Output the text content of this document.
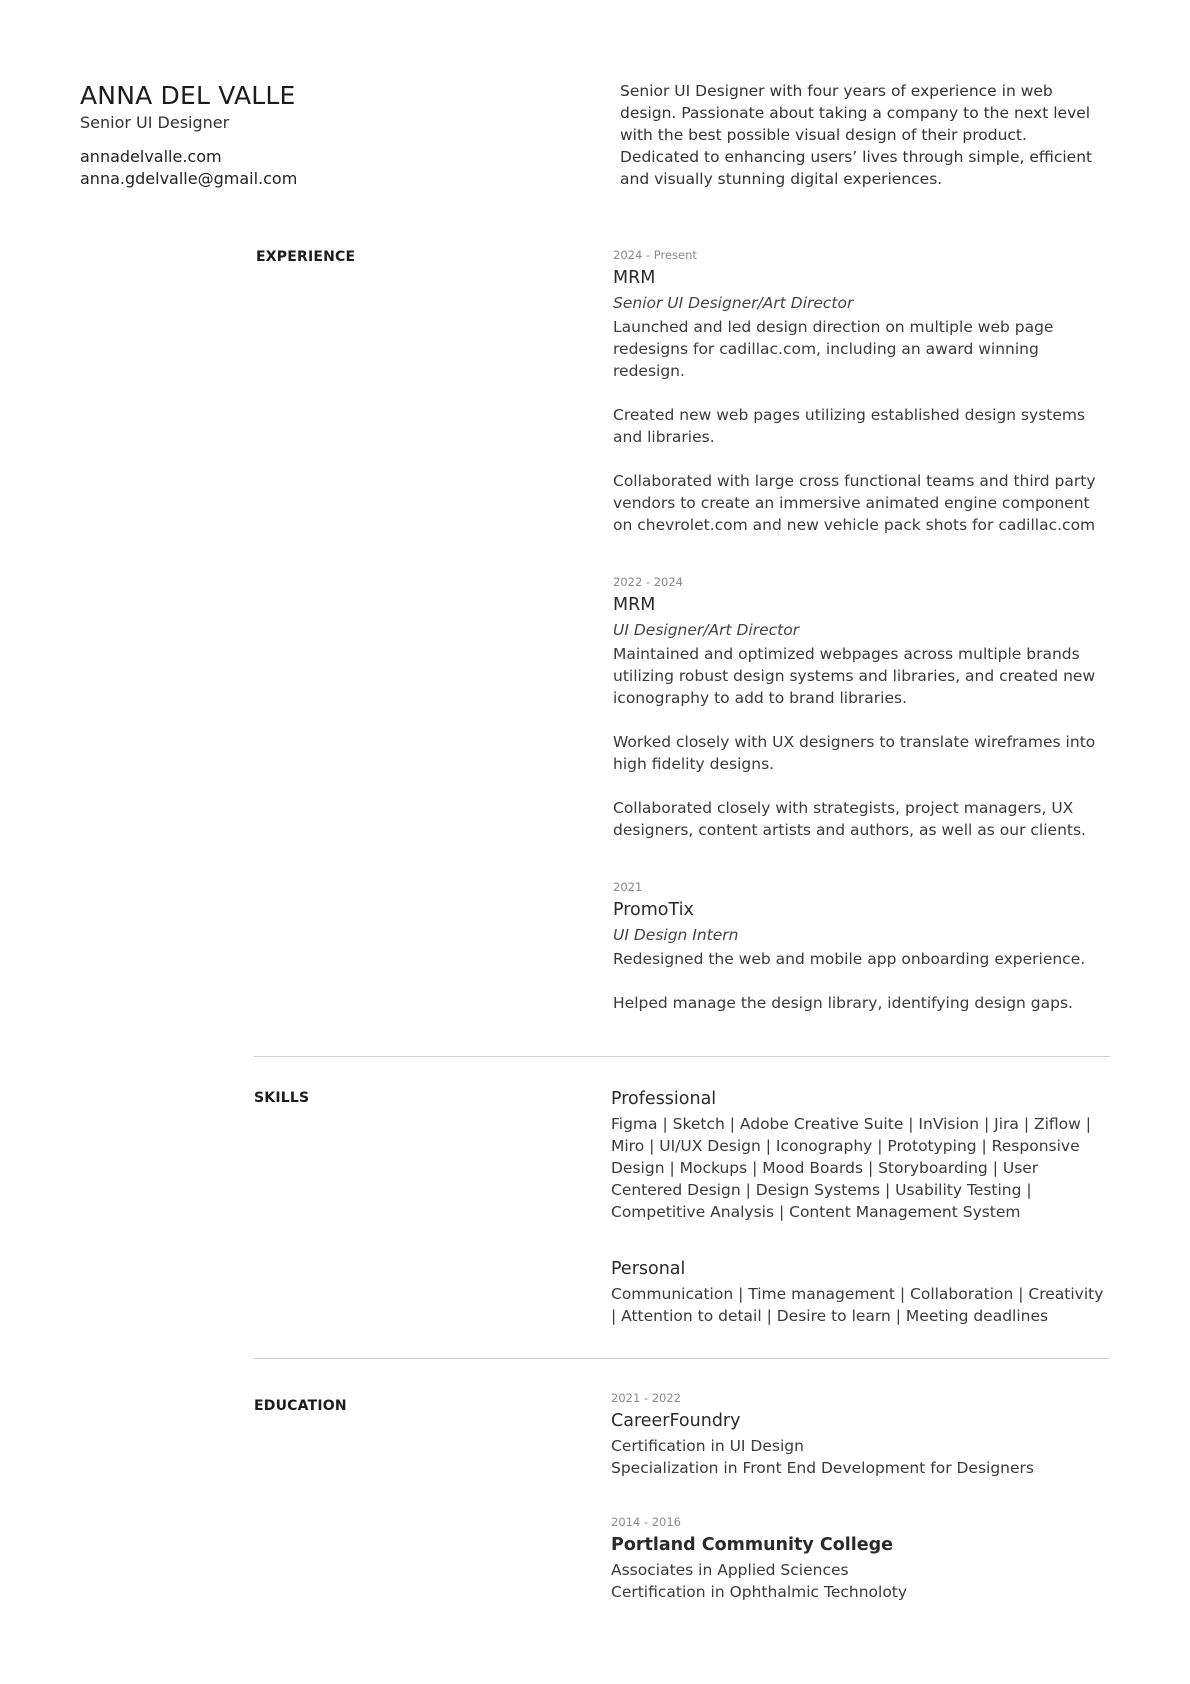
ANNA DEL VALLE
Senior UI Designer
annadelvalle.com
anna.gdelvalle@gmail.com

Senior UI Designer with four years of experience in web design. Passionate about taking a company to the next level with the best possible visual design of their product. Dedicated to enhancing users’ lives through simple, efficient and visually stunning digital experiences.

EXPERIENCE	2024 - Present
MRM
Senior UI Designer/Art Director
Launched and led design direction on multiple web page redesigns for cadillac.com, including an award winning redesign.
Created new web pages utilizing established design systems and libraries.
Collaborated with large cross functional teams and third party vendors to create an immersive animated engine component on chevrolet.com and new vehicle pack shots for cadillac.com
2022 - 2024
MRM
UI Designer/Art Director
Maintained and optimized webpages across multiple brands utilizing robust design systems and libraries, and created new iconography to add to brand libraries.
Worked closely with UX designers to translate wireframes into high fidelity designs.
Collaborated closely with strategists, project managers, UX designers, content artists and authors, as well as our clients.
2021
PromoTix
UI Design Intern
Redesigned the web and mobile app onboarding experience.
Helped manage the design library, identifying design gaps.
SKILLS	Professional
Figma | Sketch | Adobe Creative Suite | InVision | Jira | Ziflow | Miro | UI/UX Design | Iconography | Prototyping | Responsive Design | Mockups | Mood Boards | Storyboarding | User Centered Design | Design Systems | Usability Testing | Competitive Analysis | Content Management System
Personal
Communication | Time management | Collaboration | Creativity | Attention to detail | Desire to learn | Meeting deadlines
EDUCATION	2021 - 2022
CareerFoundry
Certification in UI Design
Specialization in Front End Development for Designers
2014 - 2016
Portland Community College
Associates in Applied Sciences
Certification in Ophthalmic Technoloty
